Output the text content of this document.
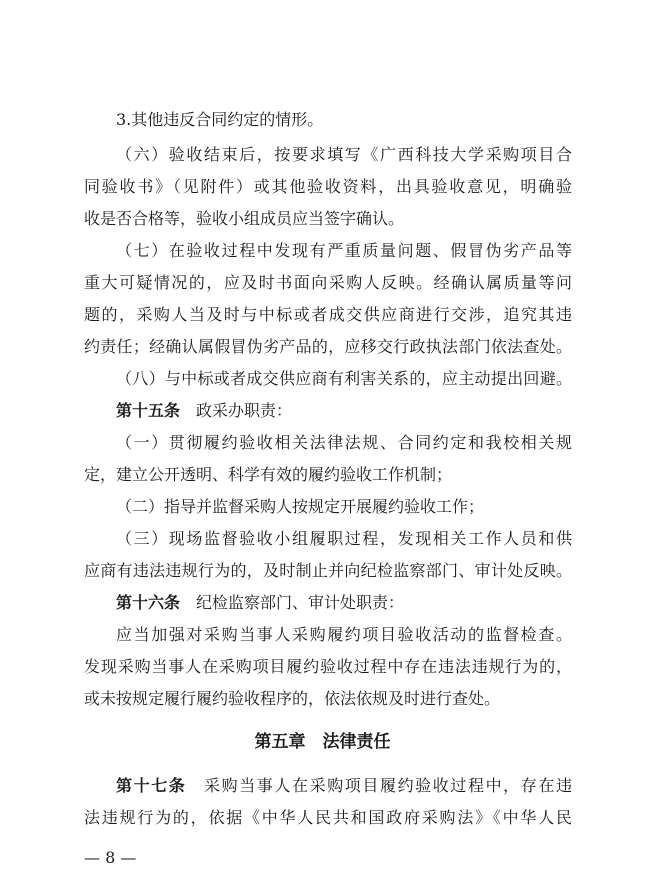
3.其他违反合同约定的情形。
（六）验收结束后，按要求填写《广西科技大学采购项目合
同验收书》（见附件）或其他验收资料，出具验收意见，明确验
收是否合格等，验收小组成员应当签字确认。
（七）在验收过程中发现有严重质量问题、假冒伪劣产品等
重大可疑情况的，应及时书面向采购人反映。经确认属质量等问
题的，采购人当及时与中标或者成交供应商进行交涉，追究其违
约责任；经确认属假冒伪劣产品的，应移交行政执法部门依法查处。
（八）与中标或者成交供应商有利害关系的，应主动提出回避。
第十五条　 政采办职责：
（一）贯彻履约验收相关法律法规、合同约定和我校相关规
定，建立公开透明、科学有效的履约验收工作机制；
（二）指导并监督采购人按规定开展履约验收工作；
（三）现场监督验收小组履职过程，发现相关工作人员和供
应商有违法违规行为的，及时制止并向纪检监察部门、审计处反映。
第十六条　 纪检监察部门、审计处职责：
应当加强对采购当事人采购履约项目验收活动的监督检查。
发现采购当事人在采购项目履约验收过程中存在违法违规行为的，
或未按规定履行履约验收程序的，依法依规及时进行查处。
第五章　法律责任
第十七条　 采购当事人在采购项目履约验收过程中，存在违
法违规行为的，依据《中华人民共和国政府采购法》《中华人民
— 8 —
